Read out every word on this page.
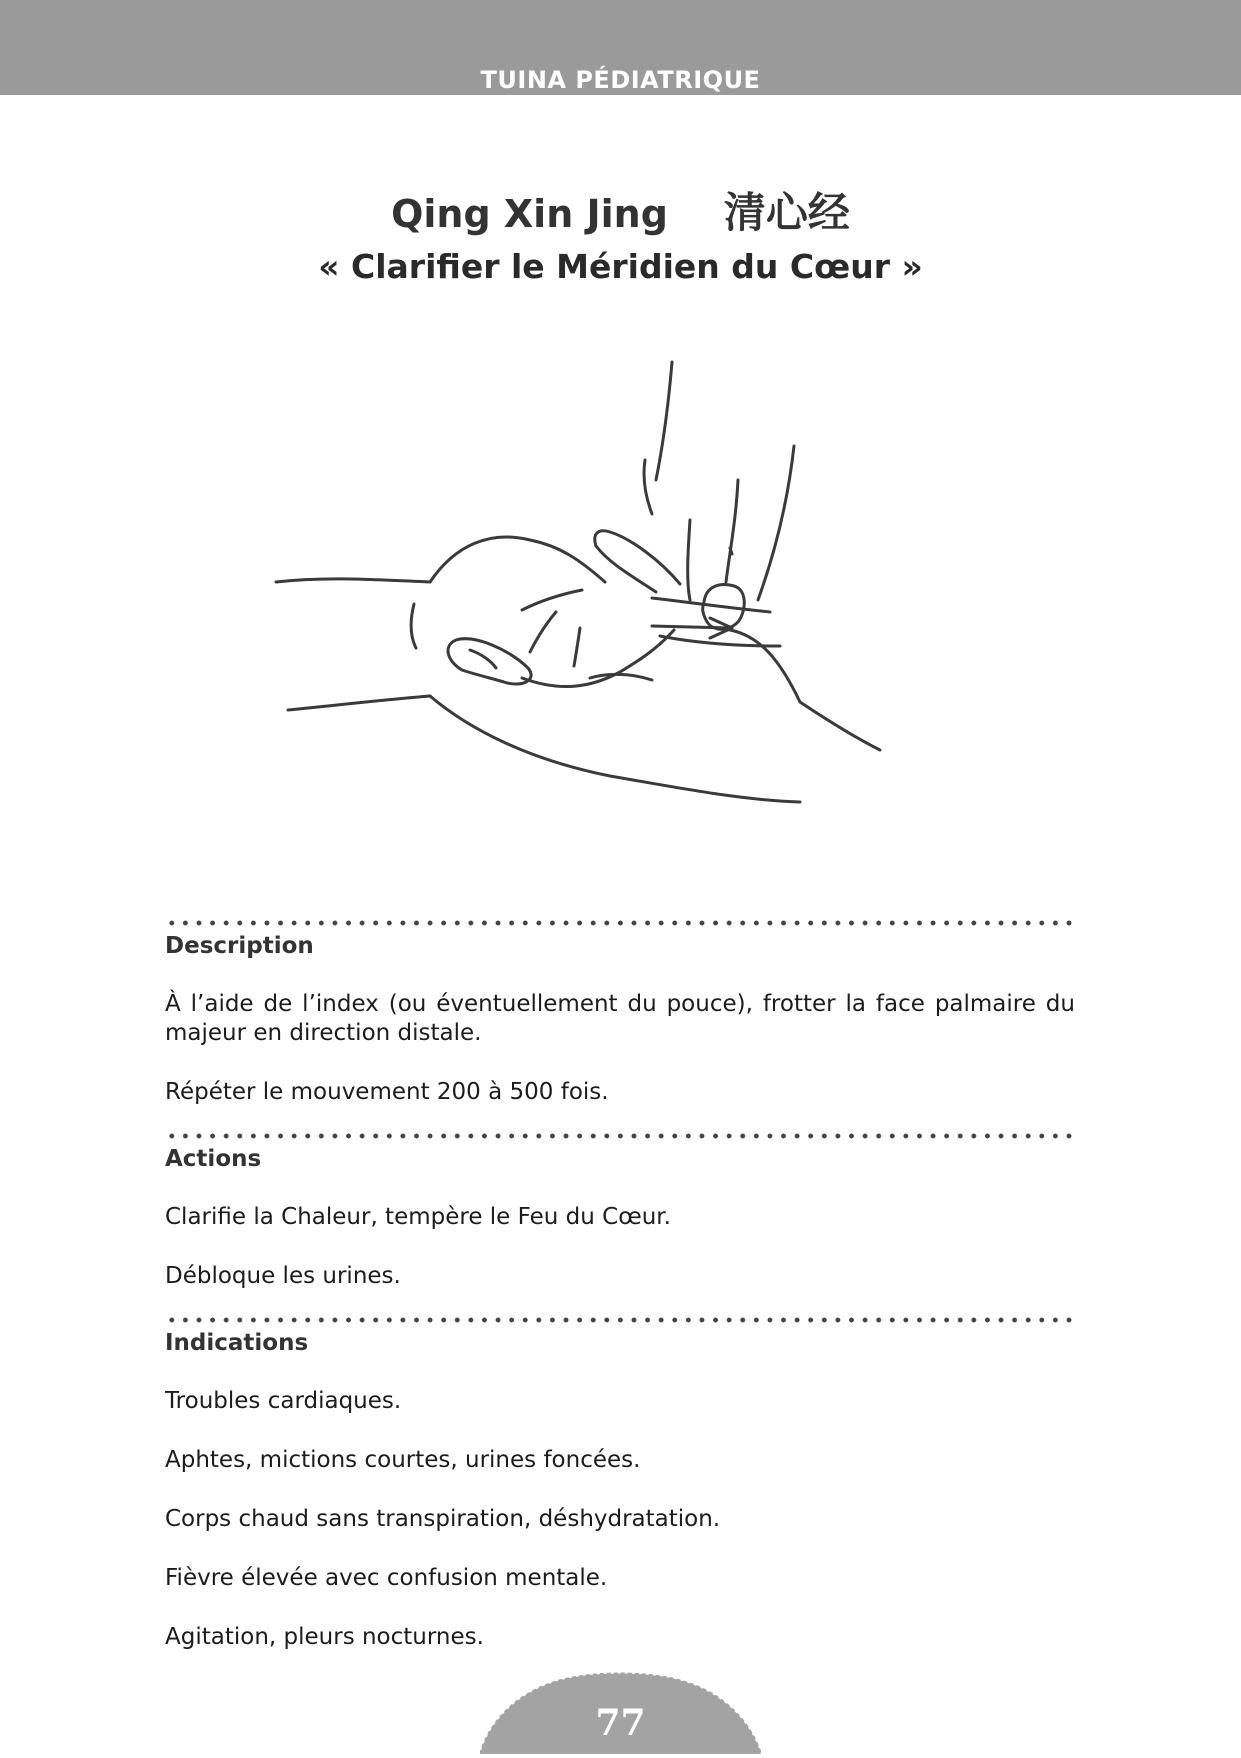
TUINA PÉDIATRIQUE
Qing Xin Jing 清心经
« Clarifier le Méridien du Cœur »
Description

À l’aide de l’index (ou éventuellement du pouce), frotter la face palmaire du majeur en direction distale.

Répéter le mouvement 200 à 500 fois.

Actions

Clarifie la Chaleur, tempère le Feu du Cœur.

Débloque les urines.

Indications

Troubles cardiaques.

Aphtes, mictions courtes, urines foncées.

Corps chaud sans transpiration, déshydratation.

Fièvre élevée avec confusion mentale.

Agitation, pleurs nocturnes.

77
